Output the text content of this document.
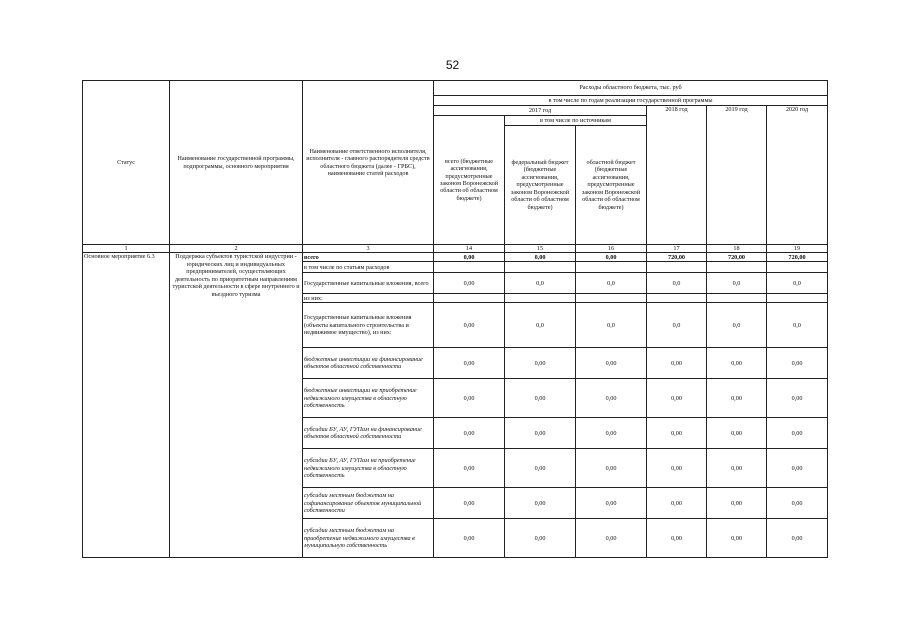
52
Статус	Наименование государственной программы, подпрограммы, основного мероприятия	Наименование ответственного исполнителя, исполнителя - главного распорядителя средств областного бюджета (далее - ГРБС), наименование статей расходов	Расходы областного бюджета, тыс. руб					
			в том числе по годам реализации государственной программы					
			2017 год			2018 год	2019 год	2020 год
			всего (бюджетные ассигнования, предусмотренные законом Воронежской области об областном бюджете)	в том числе по источникам				
				федеральный бюджет (бюджетные ассигнования, предусмотренные законом Воронежской области об областном бюджете)	областной бюджет (бюджетные ассигнования, предусмотренные законом Воронежской области об областном бюджете)			
1	2	3	14	15	16	17	18	19
Основное мероприятие 6.3	Поддержка субъектов туристской индустрии - юридических лиц и индивидуальных предпринимателей, осуществляющих деятельность по приоритетным направлениям туристской деятельности в сфере внутреннего и въездного туризма	всего	0,00	0,00	0,00	720,00	720,00	720,00
		в том числе по статьям расходов						
		Государственные капитальные вложения, всего	0,00	0,0	0,0	0,0	0,0	0,0
		из них:						
		Государственные капитальные вложения (объекты капитального строительства и недвижимое имущество), из них:	0,00	0,0	0,0	0,0	0,0	0,0
		бюджетные инвестиции на финансирование объектов областной собственности	0,00	0,00	0,00	0,00	0,00	0,00
		бюджетные инвестиции на приобретение недвижимого имущества в областную собственность	0,00	0,00	0,00	0,00	0,00	0,00
		субсидии БУ, АУ, ГУПам на финансирование объектов областной собственности	0,00	0,00	0,00	0,00	0,00	0,00
		субсидии БУ, АУ, ГУПам на приобретение недвижимого имущества в областную собственность	0,00	0,00	0,00	0,00	0,00	0,00
		субсидии местным бюджетам на софинансирование объектов муниципальной собственности	0,00	0,00	0,00	0,00	0,00	0,00
		субсидии местным бюджетам на приобретение недвижимого имущества в муниципальную собственность	0,00	0,00	0,00	0,00	0,00	0,00
